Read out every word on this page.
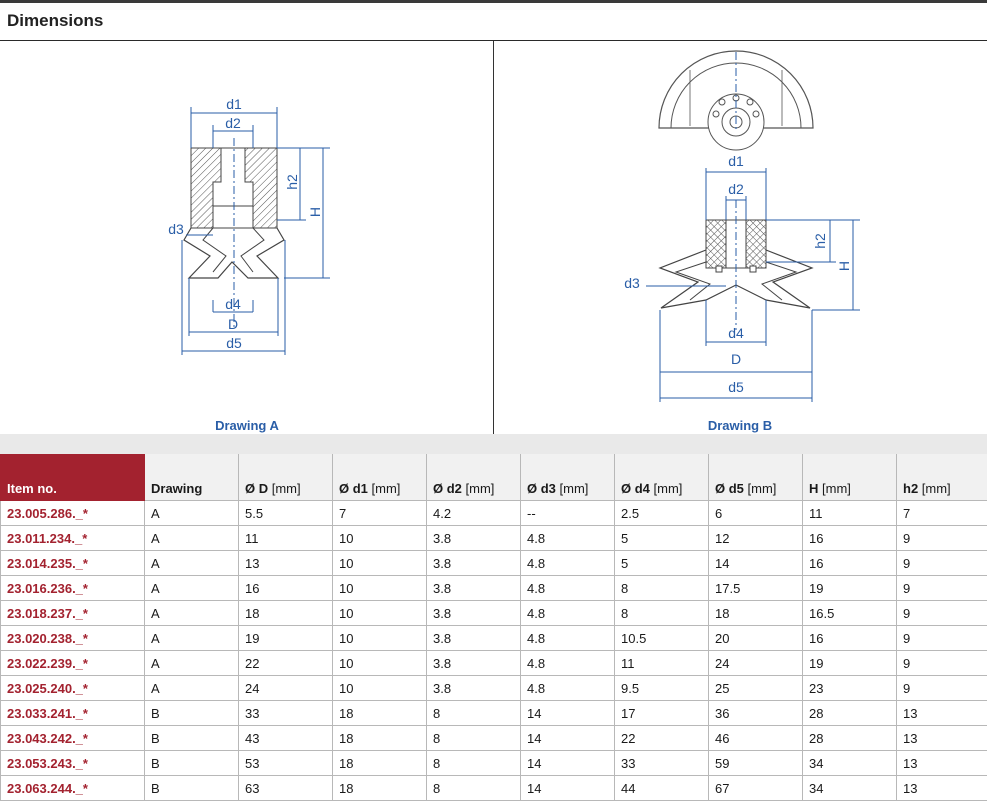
Dimensions
d1
d2
h2
H
d3
d4
D
d5
Drawing A
d1
d2
h2
H
d3
d4
D
d5
Drawing B
Item no.	Drawing	Ø D [mm]	Ø d1 [mm]	Ø d2 [mm]	Ø d3 [mm]	Ø d4 [mm]	Ø d5 [mm]	H [mm]	h2 [mm]
23.005.286._*	A	5.5	7	4.2	--	2.5	6	11	7
23.011.234._*	A	11	10	3.8	4.8	5	12	16	9
23.014.235._*	A	13	10	3.8	4.8	5	14	16	9
23.016.236._*	A	16	10	3.8	4.8	8	17.5	19	9
23.018.237._*	A	18	10	3.8	4.8	8	18	16.5	9
23.020.238._*	A	19	10	3.8	4.8	10.5	20	16	9
23.022.239._*	A	22	10	3.8	4.8	11	24	19	9
23.025.240._*	A	24	10	3.8	4.8	9.5	25	23	9
23.033.241._*	B	33	18	8	14	17	36	28	13
23.043.242._*	B	43	18	8	14	22	46	28	13
23.053.243._*	B	53	18	8	14	33	59	34	13
23.063.244._*	B	63	18	8	14	44	67	34	13
